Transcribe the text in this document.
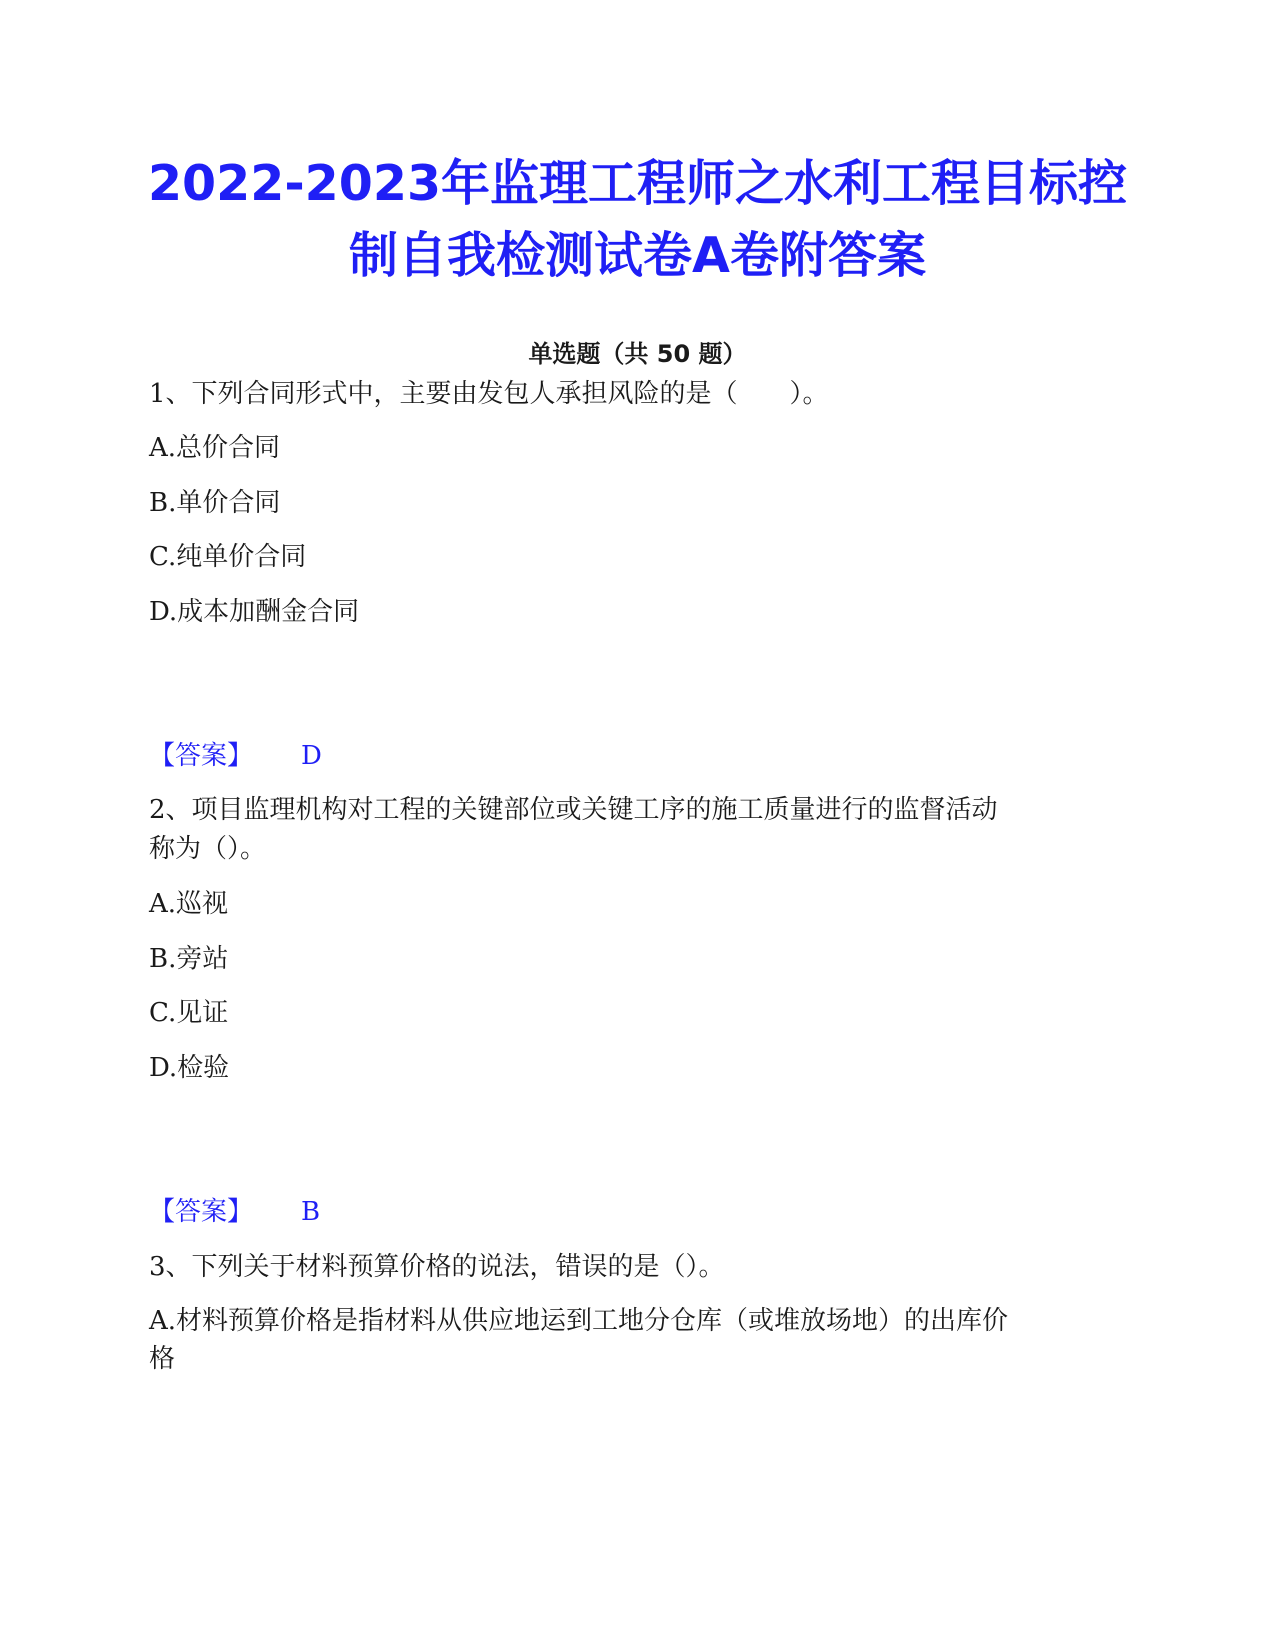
2022-2023年监理工程师之水利工程目标控
制自我检测试卷A卷附答案
单选题（共 50 题）
1、下列合同形式中，主要由发包人承担风险的是（　　）。
A.总价合同
B.单价合同
C.纯单价合同
D.成本加酬金合同
【答案】 D
2、项目监理机构对工程的关键部位或关键工序的施工质量进行的监督活动
称为（）。
A.巡视
B.旁站
C.见证
D.检验
【答案】 B
3、下列关于材料预算价格的说法，错误的是（）。
A.材料预算价格是指材料从供应地运到工地分仓库（或堆放场地）的出库价
格
